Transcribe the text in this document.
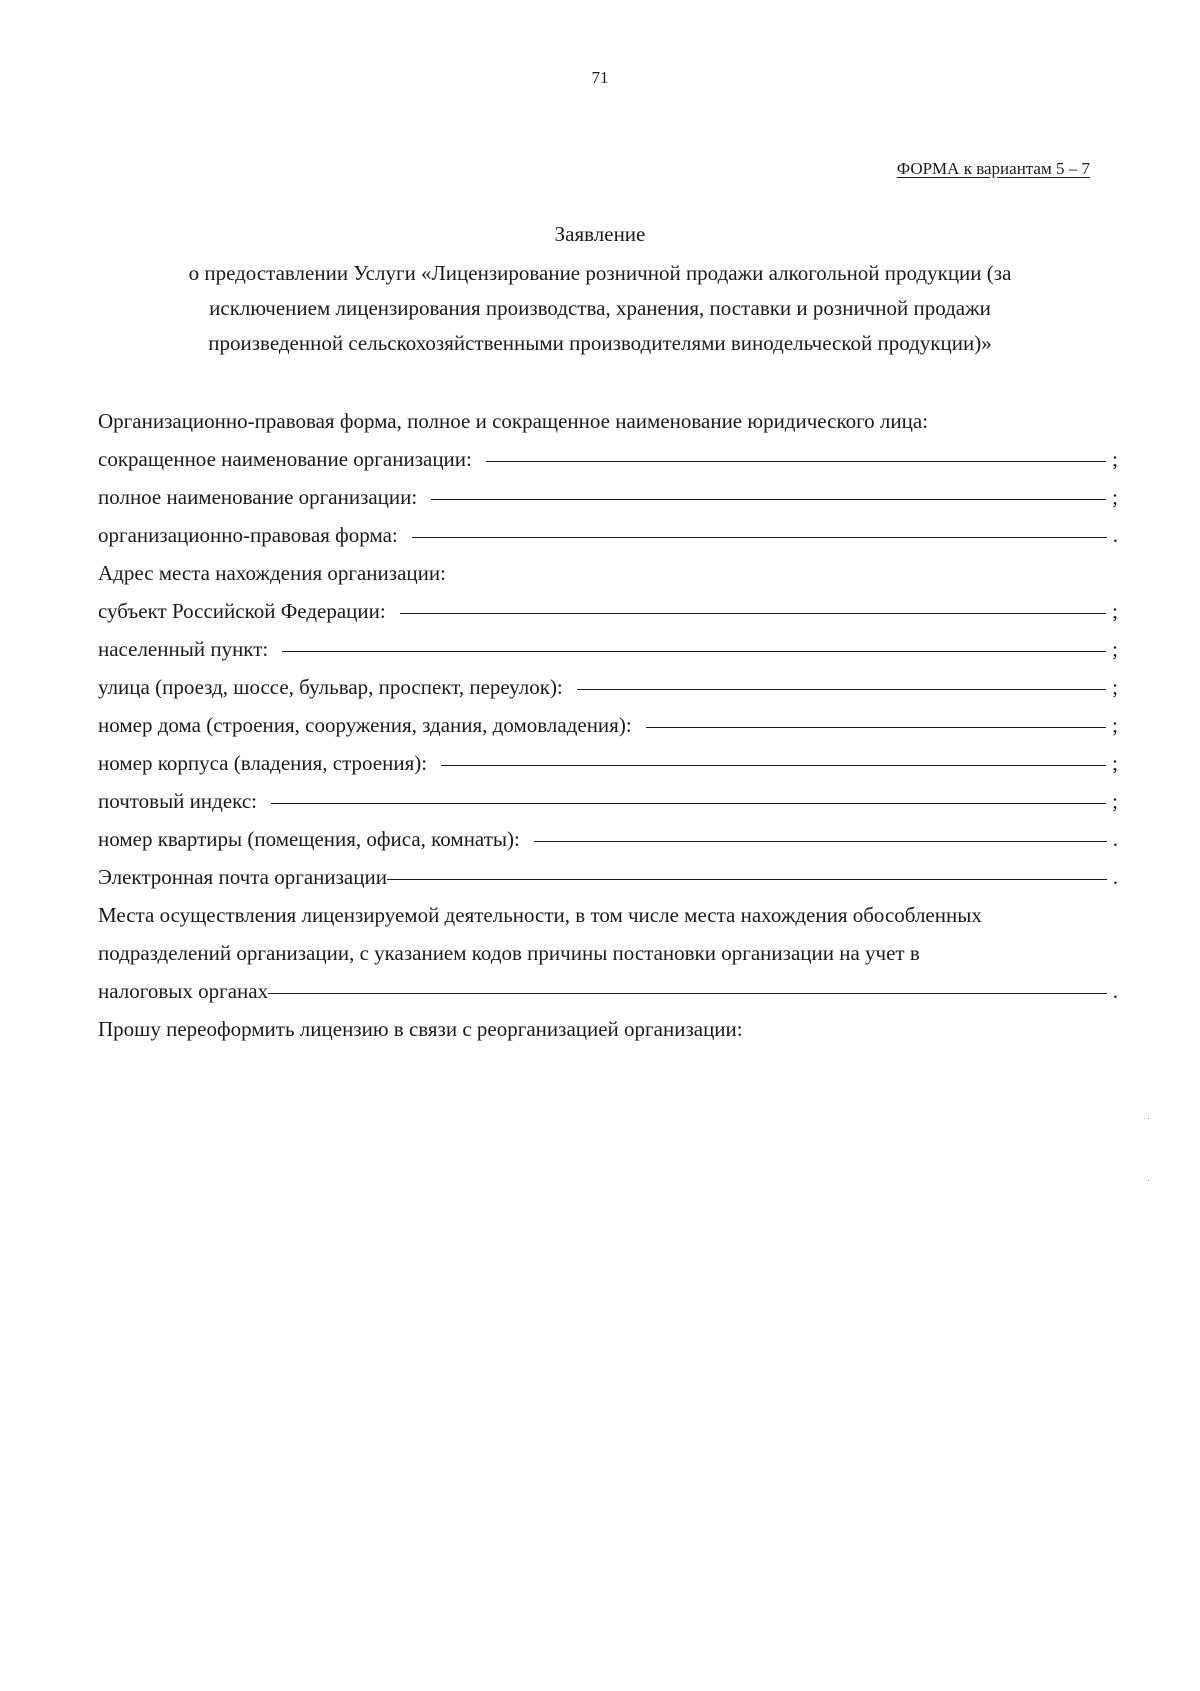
71
ФОРМА к вариантам 5 – 7
Заявление
о предоставлении Услуги «Лицензирование розничной продажи алкогольной продукции (за
исключением лицензирования производства, хранения, поставки и розничной продажи
произведенной сельскохозяйственными производителями винодельческой продукции)»
Организационно-правовая форма, полное и сокращенное наименование юридического лица:
сокращенное наименование организации:	;
полное наименование организации:	;
организационно-правовая форма:	.
Адрес места нахождения организации:
субъект Российской Федерации:	;
населенный пункт:	;
улица (проезд, шоссе, бульвар, проспект, переулок):	;
номер дома (строения, сооружения, здания, домовладения):	;
номер корпуса (владения, строения):	;
почтовый индекс:	;
номер квартиры (помещения, офиса, комнаты):	.
Электронная почта организации	.
Места осуществления лицензируемой деятельности, в том числе места нахождения обособленных
подразделений организации, с указанием кодов причины постановки организации на учет в
налоговых органах	.
Прошу переоформить лицензию в связи с реорганизацией организации:
